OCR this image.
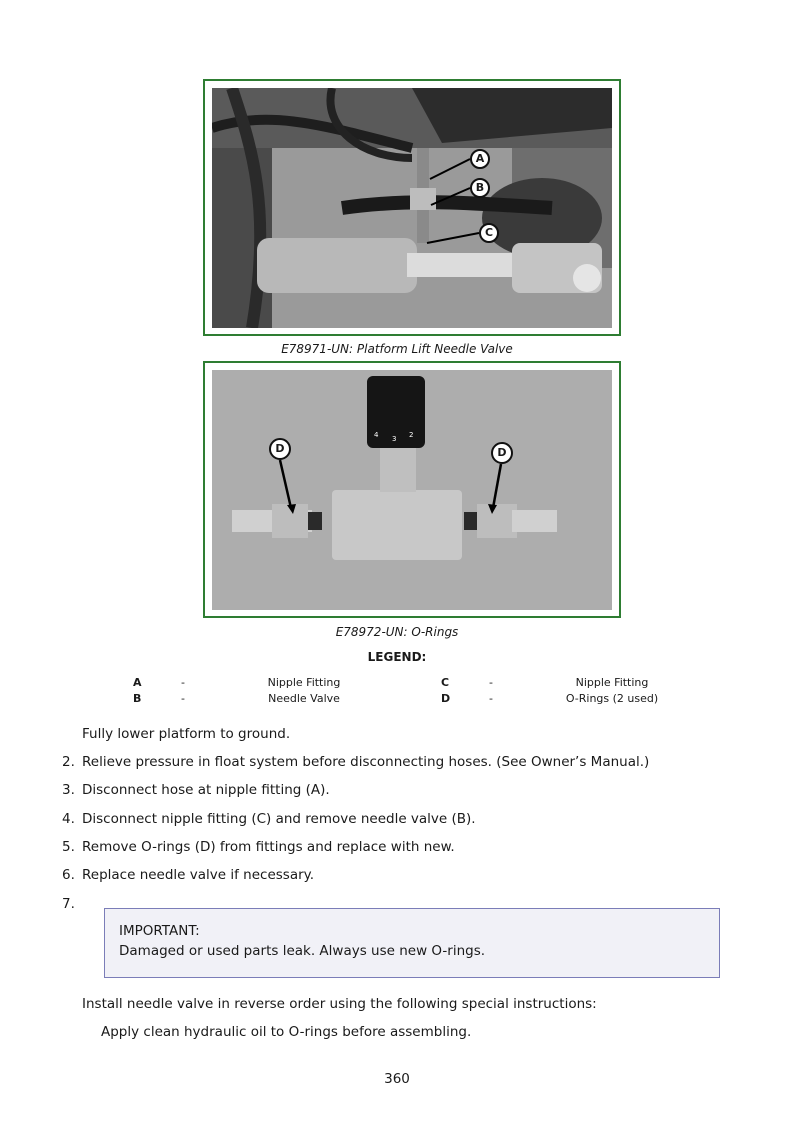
A
B
C
E78971-UN: Platform Lift Needle Valve
4 3 2
D	D
E78972-UN: O-Rings
LEGEND:
A	-	Nipple Fitting	C	-	Nipple Fitting
B	-	Needle Valve	D	-	O-Rings (2 used)
Fully lower platform to ground.
2. Relieve pressure in float system before disconnecting hoses. (See Owner’s Manual.)
3. Disconnect hose at nipple fitting (A).
4. Disconnect nipple fitting (C) and remove needle valve (B).
5. Remove O-rings (D) from fittings and replace with new.
6. Replace needle valve if necessary.
7.
IMPORTANT:
Damaged or used parts leak. Always use new O-rings.
Install needle valve in reverse order using the following special instructions:
Apply clean hydraulic oil to O-rings before assembling.
360
